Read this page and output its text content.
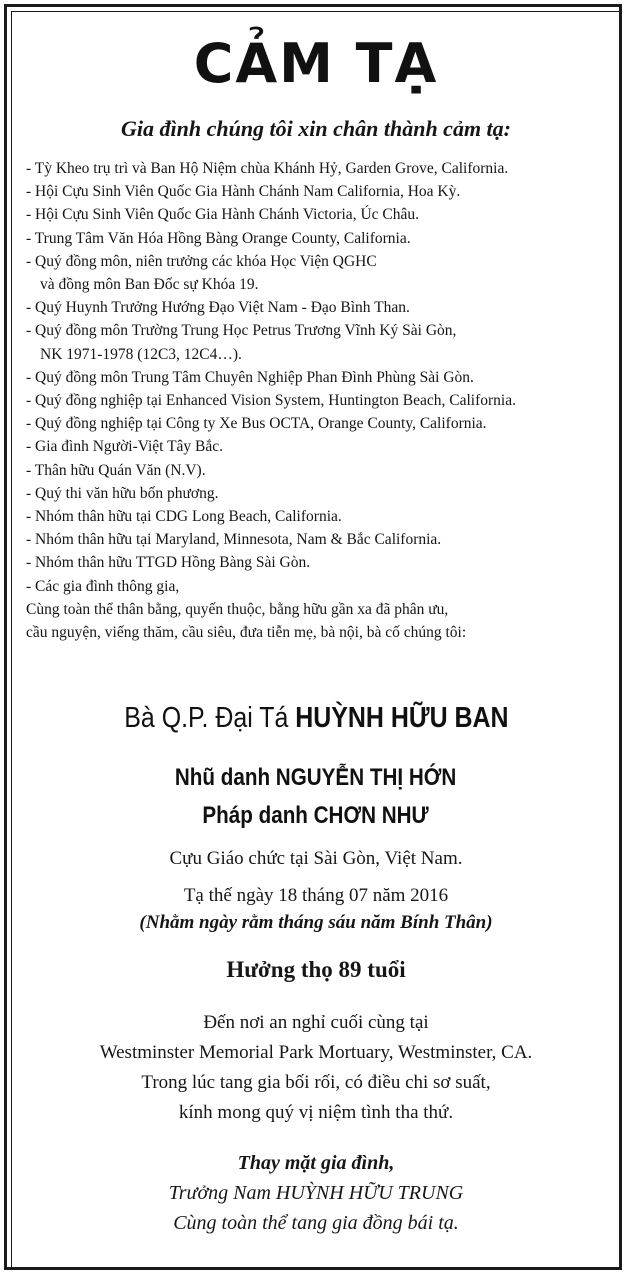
CẢM TẠ
Gia đình chúng tôi xin chân thành cảm tạ:
- Tỳ Kheo trụ trì và Ban Hộ Niệm chùa Khánh Hỷ, Garden Grove, California.
- Hội Cựu Sinh Viên Quốc Gia Hành Chánh Nam California, Hoa Kỳ.
- Hội Cựu Sinh Viên Quốc Gia Hành Chánh Victoria, Úc Châu.
- Trung Tâm Văn Hóa Hồng Bàng Orange County, California.
- Quý đồng môn, niên trưởng các khóa Học Viện QGHC
và đồng môn Ban Đốc sự Khóa 19.
- Quý Huynh Trưởng Hướng Đạo Việt Nam - Đạo Bình Than.
- Quý đồng môn Trường Trung Học Petrus Trương Vĩnh Ký Sài Gòn,
NK 1971-1978 (12C3, 12C4…).
- Quý đồng môn Trung Tâm Chuyên Nghiệp Phan Đình Phùng Sài Gòn.
- Quý đồng nghiệp tại Enhanced Vision System, Huntington Beach, California.
- Quý đồng nghiệp tại Công ty Xe Bus OCTA, Orange County, California.
- Gia đình Người-Việt Tây Bắc.
- Thân hữu Quán Văn (N.V).
- Quý thi văn hữu bốn phương.
- Nhóm thân hữu tại CDG Long Beach, California.
- Nhóm thân hữu tại Maryland, Minnesota, Nam & Bắc California.
- Nhóm thân hữu TTGD Hồng Bàng Sài Gòn.
- Các gia đình thông gia,
Cùng toàn thể thân bằng, quyến thuộc, bằng hữu gần xa đã phân ưu,
cầu nguyện, viếng thăm, cầu siêu, đưa tiễn mẹ, bà nội, bà cố chúng tôi:
Bà Q.P. Đại Tá HUỲNH HỮU BAN
Nhũ danh NGUYỄN THỊ HỚN
Pháp danh CHƠN NHƯ
Cựu Giáo chức tại Sài Gòn, Việt Nam.
Tạ thế ngày 18 tháng 07 năm 2016
(Nhằm ngày rằm tháng sáu năm Bính Thân)
Hưởng thọ 89 tuổi
Đến nơi an nghỉ cuối cùng tại
Westminster Memorial Park Mortuary, Westminster, CA.
Trong lúc tang gia bối rối, có điều chi sơ suất,
kính mong quý vị niệm tình tha thứ.
Thay mặt gia đình,
Trưởng Nam HUỲNH HỮU TRUNG
Cùng toàn thể tang gia đồng bái tạ.
